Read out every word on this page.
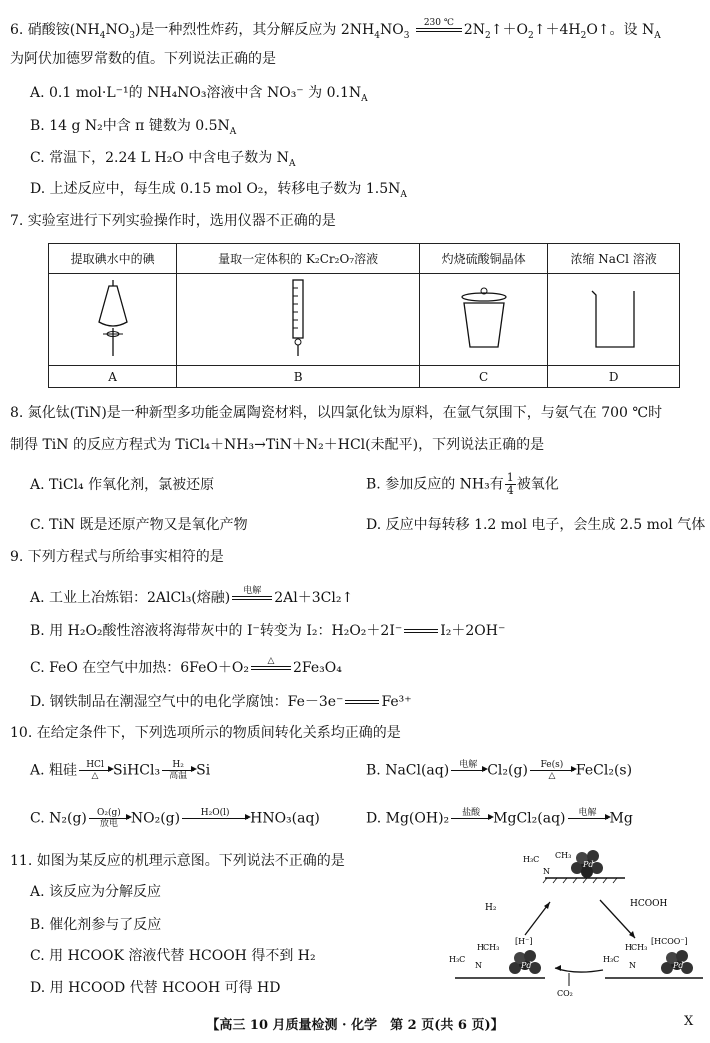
6. 硝酸铵$(NH_4NO_3)$是一种烈性炸药，其分解反应为 $2NH_4NO_3$
230 ℃
$2N_2↑+O_2↑+4H_2O↑$。设 $N_A$
为阿伏加德罗常数的值。下列说法正确的是
A. 0.1 mol·L⁻¹的 NH₄NO₃溶液中含 NO₃⁻ 为 $0.1N_A$
B. 14 g N₂中含 π 键数为 $0.5N_A$
C. 常温下，2.24 L H₂O 中含电子数为 $N_A$
D. 上述反应中，每生成 0.15 mol O₂，转移电子数为 $1.5N_A$
7. 实验室进行下列实验操作时，选用仪器不正确的是
提取碘水中的碘	量取一定体积的 K₂Cr₂O₇溶液	灼烧硫酸铜晶体	浓缩 NaCl 溶液

A	B	C	D
8. 氮化钛(TiN)是一种新型多功能金属陶瓷材料，以四氯化钛为原料，在氩气氛围下，与氨气在 700 ℃时
制得 TiN 的反应方程式为 TiCl₄＋NH₃→TiN＋N₂＋HCl(未配平)，下列说法正确的是
A. TiCl₄ 作氧化剂，氯被还原	B. 参加反应的 NH₃有 $\frac{1}{4}$ 被氧化
C. TiN 既是还原产物又是氧化产物	D. 反应中每转移 1.2 mol 电子，会生成 2.5 mol 气体
9. 下列方程式与所给事实相符的是
A. 工业上冶炼铝：2AlCl₃(熔融)	电解
2Al＋3Cl₂↑
B. 用 H₂O₂酸性溶液将海带灰中的 I⁻转变为 I₂：H₂O₂＋2I⁻

	I₂＋2OH⁻
C. FeO 在空气中加热：6FeO＋O₂	△
	2Fe₃O₄
D. 钢铁制品在潮湿空气中的电化学腐蚀：Fe－3e⁻

	Fe³⁺
10. 在给定条件下，下列选项所示的物质间转化关系均正确的是
A. 粗硅	HCl
△	SiHCl₃	H₂
高温 Si	B. NaCl(aq)	电解
Cl₂(g)	Fe(s)
△	FeCl₂(s)
C. N₂(g)	O₂(g)
放电 NO₂(g)	H₂O(l)
	HNO₃(aq)	D. Mg(OH)₂	盐酸
MgCl₂(aq)	电解
Mg
11. 如图为某反应的机理示意图。下列说法不正确的是
A. 该反应为分解反应
B. 催化剂参与了反应
C. 用 HCOOK 溶液代替 HCOOH 得不到 H₂
D. 用 HCOOD 代替 HCOOH 可得 HD
Pd
H₃C CH₃
N
HCOOH
H₂
CO₂
Pd
[H⁻]
H₃C
H CH₃
N	Pd
[HCOO⁻]
H₃C
H CH₃
N
【高三 10 月质量检测 · 化学　第 2 页(共 6 页)】	X
